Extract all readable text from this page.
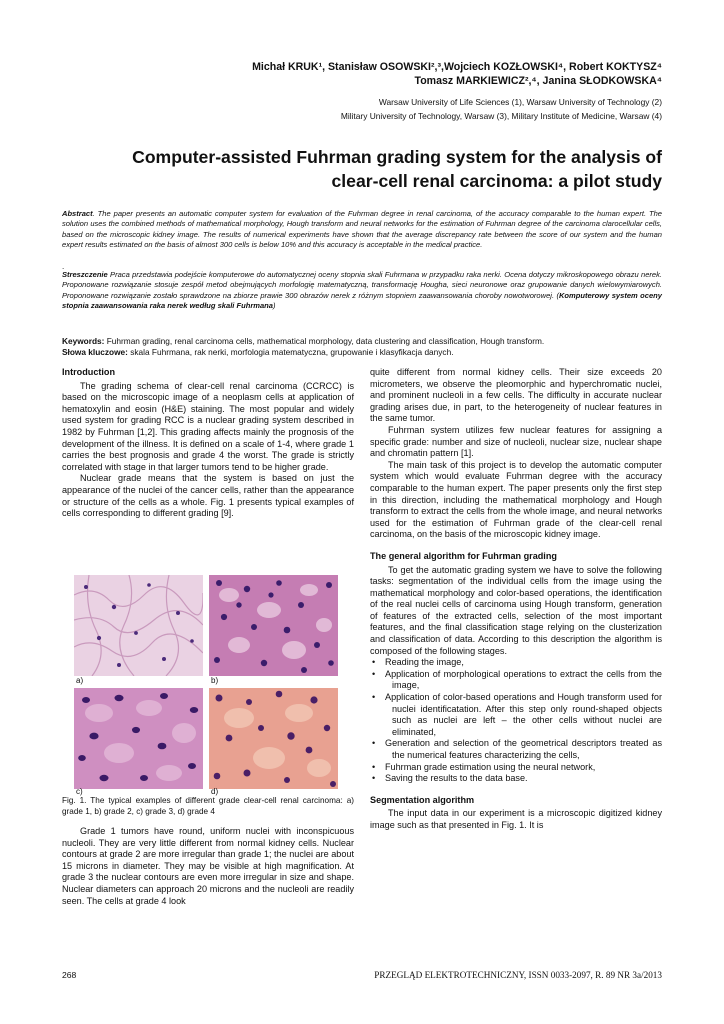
Michał KRUK¹, Stanisław OSOWSKI²,³,Wojciech KOZŁOWSKI⁴, Robert KOKTYSZ⁴
Tomasz MARKIEWICZ²,⁴, Janina SŁODKOWSKA⁴
Warsaw University of Life Sciences (1), Warsaw University of Technology (2)
Military University of Technology, Warsaw (3), Military Institute of Medicine, Warsaw (4)
Computer-assisted Fuhrman grading system for the analysis of
clear-cell renal carcinoma: a pilot study
Abstract. The paper presents an automatic computer system for evaluation of the Fuhrman degree in renal carcinoma, of the accuracy comparable to the human expert. The solution uses the combined methods of mathematical morphology, Hough transform and neural networks for the estimation of Fuhrman degree of the carcinoma clarocellular cells, based on the microscopic kidney image. The results of numerical experiments have shown that the average discrepancy rate between the score of our system and the human expert results estimated on the basis of almost 300 cells is below 10% and this accuracy is acceptable in the medical practice.
.
Streszczenie Praca przedstawia podejście komputerowe do automatycznej oceny stopnia skali Fuhrmana w przypadku raka nerki. Ocena dotyczy mikroskopowego obrazu nerek. Proponowane rozwiązanie stosuje zespół metod obejmujących morfologię matematyczną, transformację Hougha, sieci neuronowe oraz grupowanie danych wielowymiarowych. Proponowane rozwiązanie zostało sprawdzone na zbiorze prawie 300 obrazów nerek z różnym stopniem zaawansowania choroby nowotworowej. (Komputerowy system oceny stopnia zaawansowania raka nerek według skali Fuhrmana)
Keywords: Fuhrman grading, renal carcinoma cells, mathematical morphology, data clustering and classification, Hough transform.
Słowa kluczowe: skala Fuhrmana, rak nerki, morfologia matematyczna, grupowanie i klasyfikacja danych.
Introduction

The grading schema of clear-cell renal carcinoma (CCRCC) is based on the microscopic image of a neoplasm cells at application of hematoxylin and eosin (H&E) staining. The most popular and widely used system for grading RCC is a nuclear grading system described in 1982 by Fuhrman [1,2]. This grading affects mainly the prognosis of the development of the illness. It is defined on a scale of 1-4, where grade 1 carries the best prognosis and grade 4 the worst. The grade is strictly correlated with stage in that larger tumors tend to be higher grade.

Nuclear grade means that the system is based on just the appearance of the nuclei of the cancer cells, rather than the appearance or structure of the cells as a whole. Fig. 1 presents typical examples of cells corresponding to different grading [9].

a)	b)
c)	d)
Fig. 1. The typical examples of different grade clear-cell renal carcinoma: a) grade 1, b) grade 2, c) grade 3, d) grade 4

Grade 1 tumors have round, uniform nuclei with inconspicuous nucleoli. They are very little different from normal kidney cells. Nuclear contours at grade 2 are more irregular than grade 1; the nuclei are about 15 microns in diameter. They may be visible at high magnification. At grade 3 the nuclear contours are even more irregular in size and shape. Nuclear diameters can approach 20 microns and the nucleoli are readily seen. The cells at grade 4 look

quite different from normal kidney cells. Their size exceeds 20 micrometers, we observe the pleomorphic and hyperchromatic nuclei, and prominent nucleoli in a few cells. The difficulty in accurate nuclear grading arises due, in part, to the heterogeneity of nuclear features in the same tumor.

Fuhrman system utilizes few nuclear features for assigning a specific grade: number and size of nucleoli, nuclear size, nuclear shape and chromatin pattern [1].

The main task of this project is to develop the automatic computer system which would evaluate Fuhrman degree with the accuracy comparable to the human expert. The paper presents only the first step in this direction, including the mathematical morphology and Hough transform to extract the cells from the whole image, and neural networks used for the estimation of Fuhrman grade of the clear-cell renal carcinoma, on the basis of the microscopic kidney image.

The general algorithm for Fuhrman grading

To get the automatic grading system we have to solve the following tasks: segmentation of the individual cells from the image using the mathematical morphology and color-based operations, the identification of the real nuclei cells of carcinoma using Hough transform, generation of features of the extracted cells, selection of the most important features, and the final classification stage relying on the clusterization and classification of data. According to this description the algorithm is composed of the following stages.

• Reading the image,
• Application of morphological operations to extract the cells from the image,
• Application of color-based operations and Hough transform used for nuclei identificatation. After this step only round-shaped objects such as nuclei are left – the other cells without nuclei are eliminated,
• Generation and selection of the geometrical descriptors treated as the numerical features characterizing the cells,
• Fuhrman grade estimation using the neural network,
• Saving the results to the data base.
Segmentation algorithm

The input data in our experiment is a microscopic digitized kidney image such as that presented in Fig. 1. It is

268	PRZEGLĄD ELEKTROTECHNICZNY, ISSN 0033-2097, R. 89 NR 3a/2013
